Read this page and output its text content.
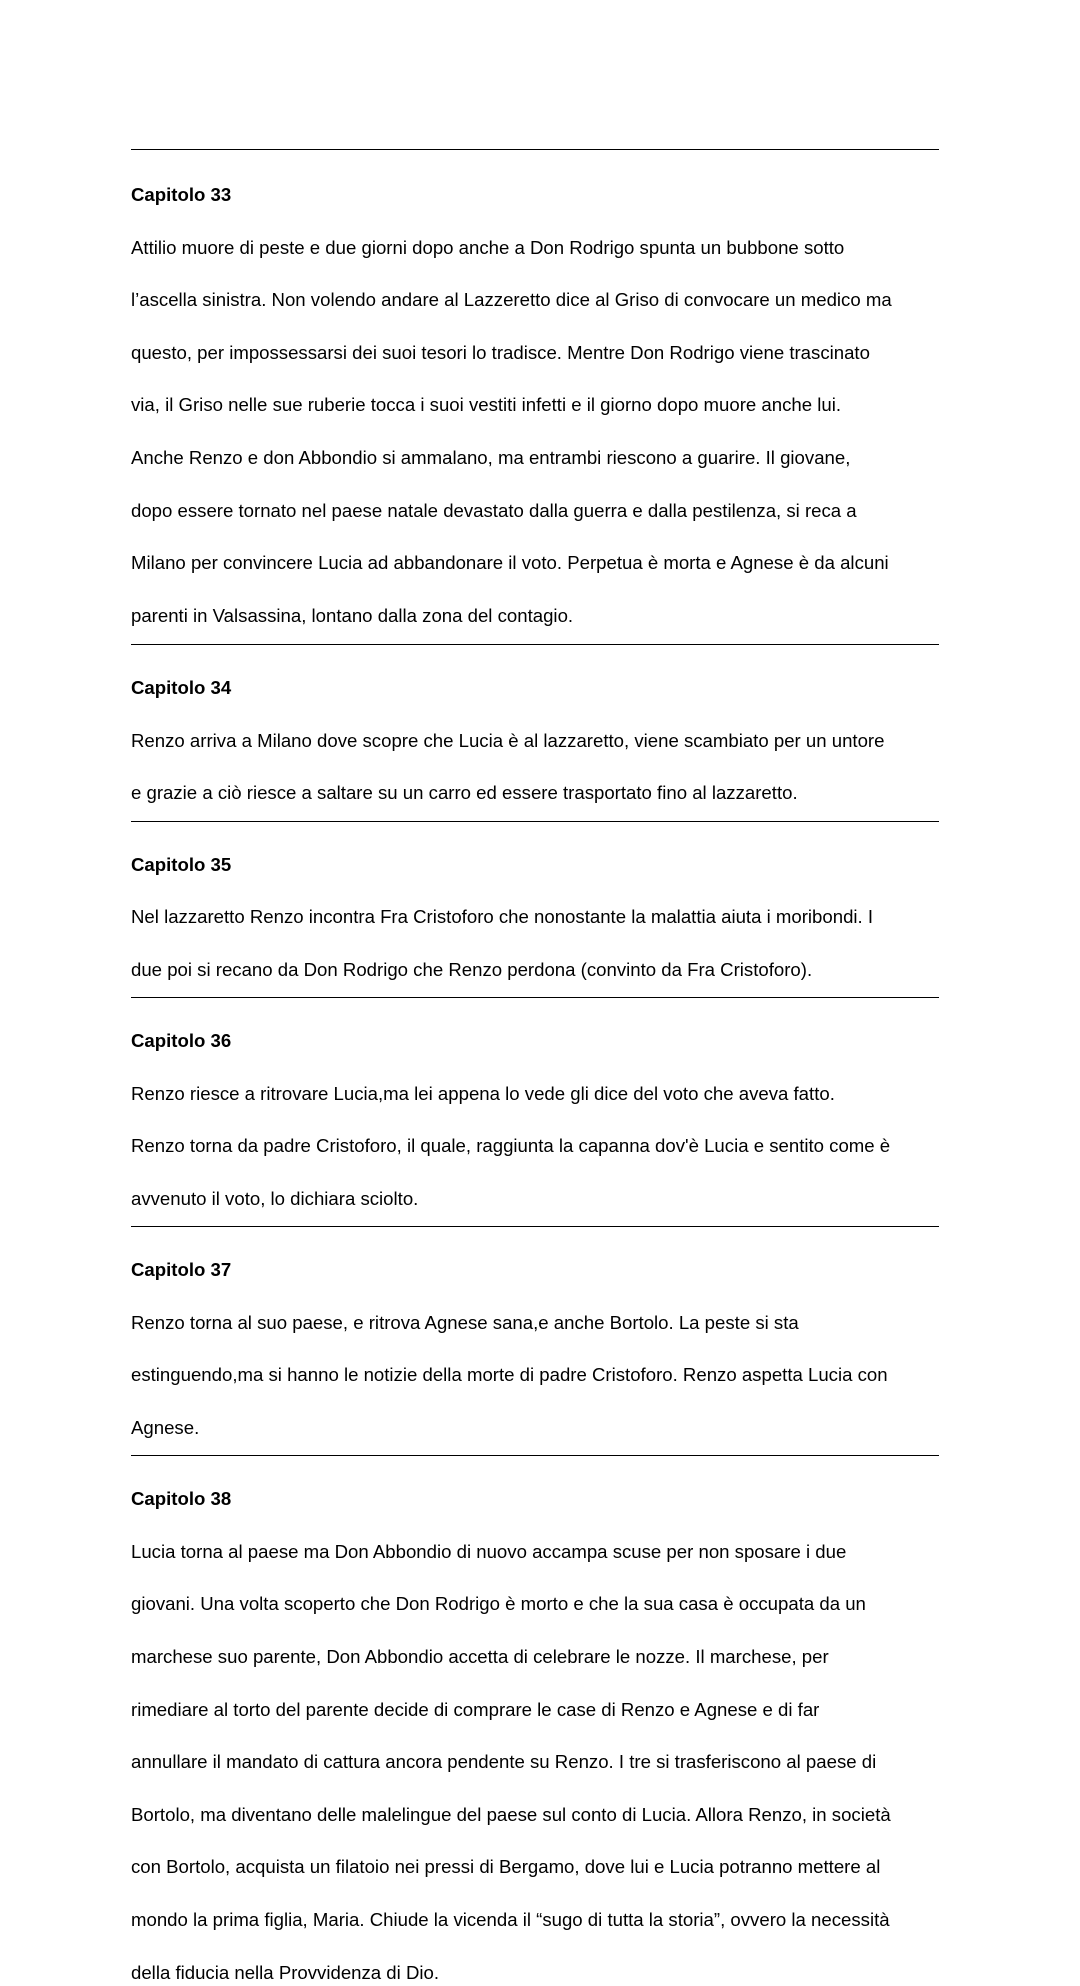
Capitolo 33

Attilio muore di peste e due giorni dopo anche a Don Rodrigo spunta un bubbone sotto

l’ascella sinistra. Non volendo andare al Lazzeretto dice al Griso di convocare un medico ma

questo, per impossessarsi dei suoi tesori lo tradisce. Mentre Don Rodrigo viene trascinato

via, il Griso nelle sue ruberie tocca i suoi vestiti infetti e il giorno dopo muore anche lui.

Anche Renzo e don Abbondio si ammalano, ma entrambi riescono a guarire. Il giovane,

dopo essere tornato nel paese natale devastato dalla guerra e dalla pestilenza, si reca a

Milano per convincere Lucia ad abbandonare il voto. Perpetua è morta e Agnese è da alcuni

parenti in Valsassina, lontano dalla zona del contagio.

Capitolo 34

Renzo arriva a Milano dove scopre che Lucia è al lazzaretto, viene scambiato per un untore

e grazie a ciò riesce a saltare su un carro ed essere trasportato fino al lazzaretto.

Capitolo 35

Nel lazzaretto Renzo incontra Fra Cristoforo che nonostante la malattia aiuta i moribondi. I

due poi si recano da Don Rodrigo che Renzo perdona (convinto da Fra Cristoforo).

Capitolo 36

Renzo riesce a ritrovare Lucia,ma lei appena lo vede gli dice del voto che aveva fatto.

Renzo torna da padre Cristoforo, il quale, raggiunta la capanna dov'è Lucia e sentito come è

avvenuto il voto, lo dichiara sciolto.

Capitolo 37

Renzo torna al suo paese, e ritrova Agnese sana,e anche Bortolo. La peste si sta

estinguendo,ma si hanno le notizie della morte di padre Cristoforo. Renzo aspetta Lucia con

Agnese.

Capitolo 38

Lucia torna al paese ma Don Abbondio di nuovo accampa scuse per non sposare i due

giovani. Una volta scoperto che Don Rodrigo è morto e che la sua casa è occupata da un

marchese suo parente, Don Abbondio accetta di celebrare le nozze. Il marchese, per

rimediare al torto del parente decide di comprare le case di Renzo e Agnese e di far

annullare il mandato di cattura ancora pendente su Renzo. I tre si trasferiscono al paese di

Bortolo, ma diventano delle malelingue del paese sul conto di Lucia. Allora Renzo, in società

con Bortolo, acquista un filatoio nei pressi di Bergamo, dove lui e Lucia potranno mettere al

mondo la prima figlia, Maria. Chiude la vicenda il “sugo di tutta la storia”, ovvero la necessità

della fiducia nella Provvidenza di Dio.
